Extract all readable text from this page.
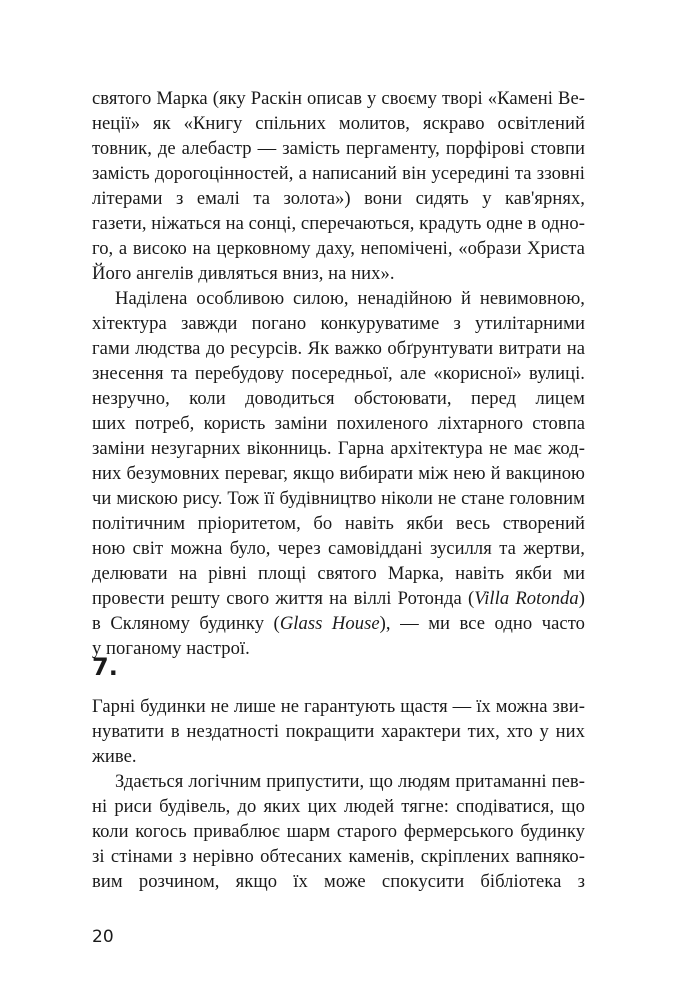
святого Марка (яку Раскін описав у своєму творі «Камені Ве-
неції» як «Книгу спільних молитов, яскраво освітлений
товник, де алебастр — замість пергаменту, порфірові стовпи
замість дорогоцінностей, а написаний він усередині та ззовні
літерами з емалі та золота») вони сидять у кав'ярнях,
газети, ніжаться на сонці, сперечаються, крадуть одне в одно-
го, а високо на церковному даху, непомічені, «образи Христа
Його ангелів дивляться вниз, на них».
Наділена особливою силою, ненадійною й невимовною,
хітектура завжди погано конкуруватиме з утилітарними
гами людства до ресурсів. Як важко обґрунтувати витрати на
знесення та перебудову посередньої, але «корисної» вулиці.
незручно, коли доводиться обстоювати, перед лицем
ших потреб, користь заміни похиленого ліхтарного стовпа
заміни незугарних віконниць. Гарна архітектура не має жод-
них безумовних переваг, якщо вибирати між нею й вакциною
чи мискою рису. Тож її будівництво ніколи не стане головним
політичним пріоритетом, бо навіть якби весь створений
ною світ можна було, через самовіддані зусилля та жертви,
делювати на рівні площі святого Марка, навіть якби ми
провести решту свого життя на віллі Ротонда (Villa Rotonda)
в Скляному будинку (Glass House), — ми все одно часто
у поганому настрої.
7.
Гарні будинки не лише не гарантують щастя — їх можна зви-
нуватити в нездатності покращити характери тих, хто у них
живе.
Здається логічним припустити, що людям притаманні пев-
ні риси будівель, до яких цих людей тягне: сподіватися, що
коли когось приваблює шарм старого фермерського будинку
зі стінами з нерівно обтесаних каменів, скріплених вапняко-
вим розчином, якщо їх може спокусити бібліотека з
20
